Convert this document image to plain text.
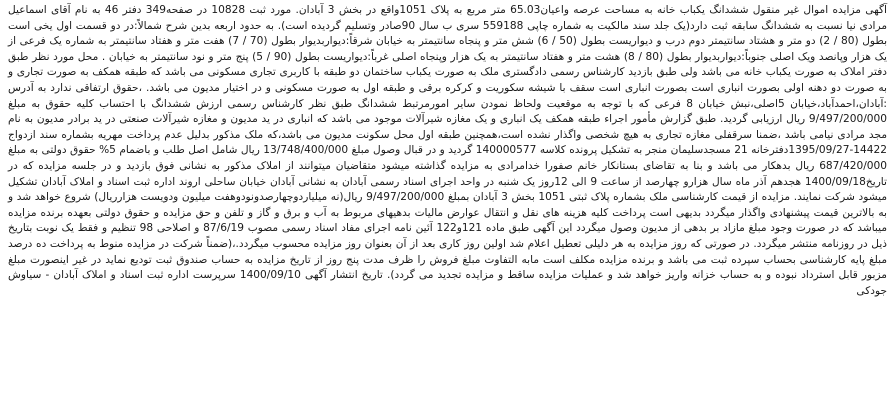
آگهی مزایده اموال غیر منقول ششدانگ یکباب خانه به مساحت عرصه واعیان65.03 متر مربع به پلاک 1051واقع در بخش 3 آبادان. مورد ثبت 10828 در صفحه349 دفتر 46 به نام آقای اسماعیل مرادی نیا نسبت به ششدانگ سابقه ثبت دارد(یک جلد سند مالکیت به شماره چاپی 559188 سری ب سال 90صادر وتسلیم گردیده است). به حدود اربعه بدین شرح شمالاً:در دو قسمت اول یخی است بطول (80 / 2) دو متر و هشتاد سانتیمتر دوم درب و دیواریست بطول (50 / 6) شش متر و پنجاه سانتیمتر به خیابان شرقاً:دیواربدیوار بطول (70 / 7) هفت متر و هفتاد سانتیمتر به شماره یک فرعی از یک هزار وپانصد ویک اصلی جنوباً:دیواربدیوار بطول (80 / 8) هشت متر و هفتاد سانتیمتر به یک هزار وپنجاه اصلی غرباً:دیواریست بطول (90 / 5) پنج متر و نود سانتیمتر به خیابان . محل مورد نظر طبق دفتر املاک به صورت یکباب خانه می باشد ولی طبق بازدید کارشناس رسمی دادگستری ملک به صورت یکباب ساختمان دو طبقه با کاربری تجاری مسکونی می باشد که طبقه همکف به صورت تجاری و به صورت دو دهنه اولی بصورت انباری است بصورت انباری است سقف با شیشه سکوریت و کرکره برقی و طبقه اول به صورت مسکونی و در اختیار مدیون می باشد. ،حقوق ارتفاقی ندارد به آدرس :آبادان،احمدآباد،خیابان 5اصلی،نبش خیابان 8 فرعی که با توجه به موقعیت ولحاظ نمودن سایر امورمرتبط ششدانگ طبق نظر کارشناس رسمی ارزش ششدانگ با احتساب کلیه حقوق به مبلغ 9/497/200/000 ریال ارزیابی گردید. طبق گزارش مأمور اجراء طبقه همکف یک انباری و یک مغازه شیرآلات موجود می باشد که انباری در ید مدیون و مغازه شیرآلات صنعتی در ید برادر مدیون به نام مجد مرادی نیامی باشد ،ضمنا سرقفلی مغازه تجاری به هیچ شخصی واگذار نشده است،همچنین طبقه اول محل سکونت مدیون می باشد،که ملک مذکور بدلیل عدم پرداخت مهریه بشماره سند ازدواج 14422-1395/09/27دفترخانه 21 مسجدسلیمان منجر به تشکیل پرونده کلاسه 140000577 گردید و در قبال وصول مبلغ 13/748/400/000 ریال شامل اصل طلب و باضمام 5% حقوق دولتی به مبلغ 687/420/000 ریال بدهکار می باشد و بنا به تقاضای بستانکار خانم صفورا خدامرادی به مزایده گذاشته میشود متقاضیان میتوانند از املاک مذکور به نشانی فوق بازدید و در جلسه مزایده که در تاریخ1400/09/18 هجدهم آذر ماه سال هزارو چهارصد از ساعت 9 الی 12روز یک شنبه در واحد اجرای اسناد رسمی آبادان به نشانی آبادان خیابان ساحلی اروند اداره ثبت اسناد و املاک آبادان تشکیل میشود شرکت نمایند. مزایده از قیمت کارشناسی ملک بشماره پلاک ثبتی 1051 بخش 3 آبادان بمبلغ 9/497/200/000 ریال(نه میلیاردوچهارصدونودوهفت میلیون ودویست هزارریال) شروع خواهد شد و به بالاترین قیمت پیشنهادی واگذار میگردد بدیهی است پرداخت کلیه هزینه های نقل و انتقال عوارض مالیات بدهیهای مربوط به آب و برق و گاز و تلفن و حق مزایده و حقوق دولتی بعهده برنده مزایده میباشد که در صورت وجود مبلغ مازاد بر بدهی از مدیون وصول میگردد این آگهی طبق ماده 121و122 آئین نامه اجرای مفاد اسناد رسمی مصوب 87/6/19 و اصلاحی 98 تنظیم و فقط یک نوبت بتاریخ ذیل در روزنامه منتشر میگردد. در صورتی که روز مزایده به هر دلیلی تعطیل اعلام شد اولین روز کاری بعد از آن بعنوان روز مزایده محسوب میگردد.،(ضمناً شرکت در مزایده منوط به پرداخت ده درصد مبلغ پایه کارشناسی بحساب سپرده ثبت می باشد و برنده مزایده مکلف است مابه التفاوت مبلغ فروش را ظرف مدت پنج روز از تاریخ مزایده به حساب صندوق ثبت تودیع نماید در غیر اینصورت مبلغ مزبور قابل استرداد نبوده و به حساب خزانه واریز خواهد شد و عملیات مزایده ساقط و مزایده تجدید می گردد). تاریخ انتشار آگهی 1400/09/10 سرپرست اداره ثبت اسناد و املاک آبادان - سیاوش جودکی
